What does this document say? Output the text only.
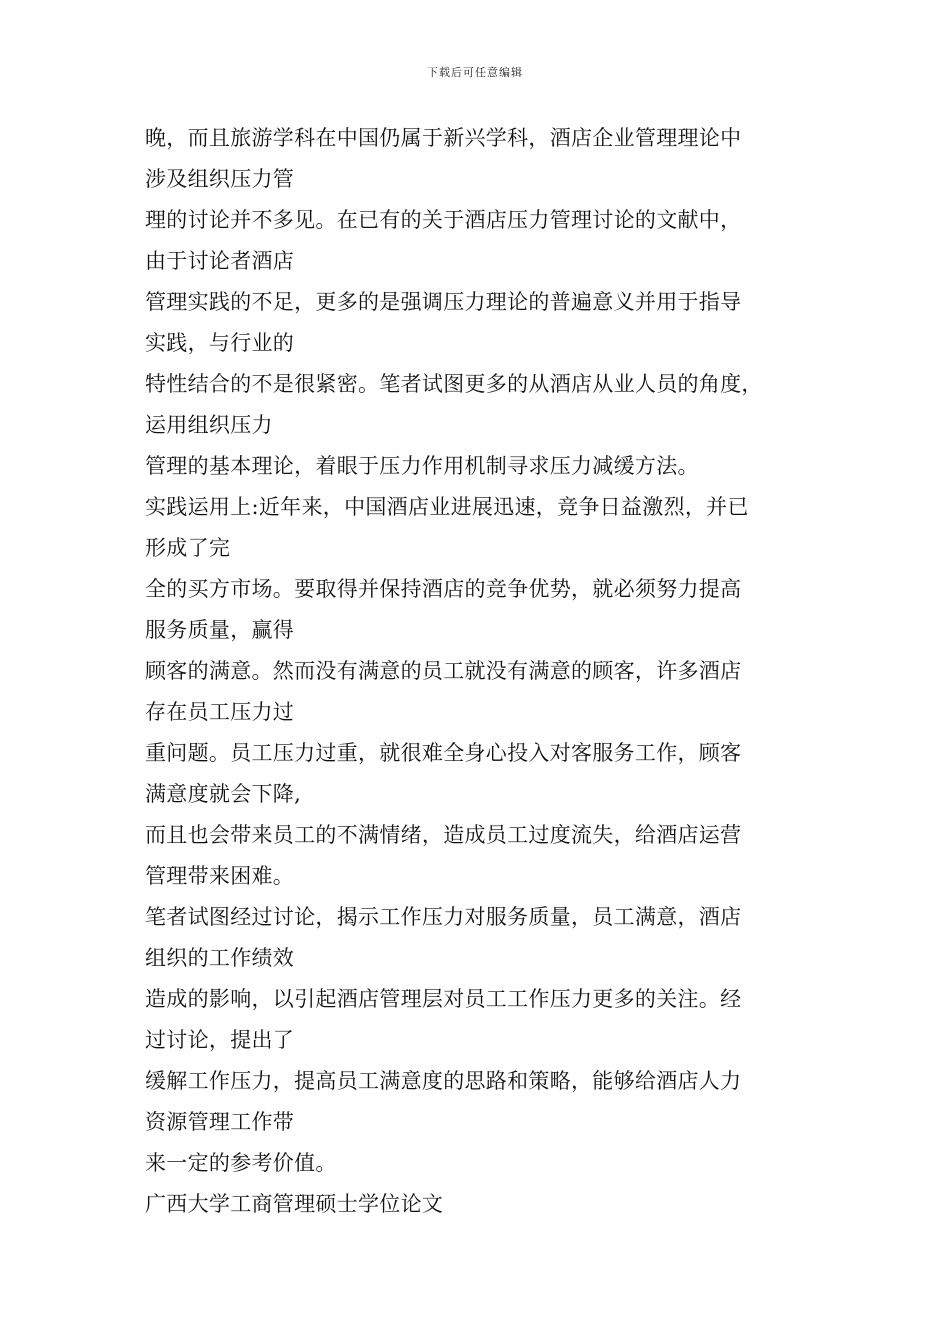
下载后可任意编辑
晚，而且旅游学科在中国仍属于新兴学科，酒店企业管理理论中
涉及组织压力管
理的讨论并不多见。在已有的关于酒店压力管理讨论的文献中，
由于讨论者酒店
管理实践的不足，更多的是强调压力理论的普遍意义并用于指导
实践，与行业的
特性结合的不是很紧密。笔者试图更多的从酒店从业人员的角度，
运用组织压力
管理的基本理论，着眼于压力作用机制寻求压力减缓方法。
实践运用上:近年来，中国酒店业进展迅速，竞争日益激烈，并已
形成了完
全的买方市场。要取得并保持酒店的竞争优势，就必须努力提高
服务质量，赢得
顾客的满意。然而没有满意的员工就没有满意的顾客，许多酒店
存在员工压力过
重问题。员工压力过重，就很难全身心投入对客服务工作，顾客
满意度就会下降,
而且也会带来员工的不满情绪，造成员工过度流失，给酒店运营
管理带来困难。
笔者试图经过讨论，揭示工作压力对服务质量，员工满意，酒店
组织的工作绩效
造成的影响，以引起酒店管理层对员工工作压力更多的关注。经
过讨论，提出了
缓解工作压力，提高员工满意度的思路和策略，能够给酒店人力
资源管理工作带
来一定的参考价值。
广西大学工商管理硕士学位论文
